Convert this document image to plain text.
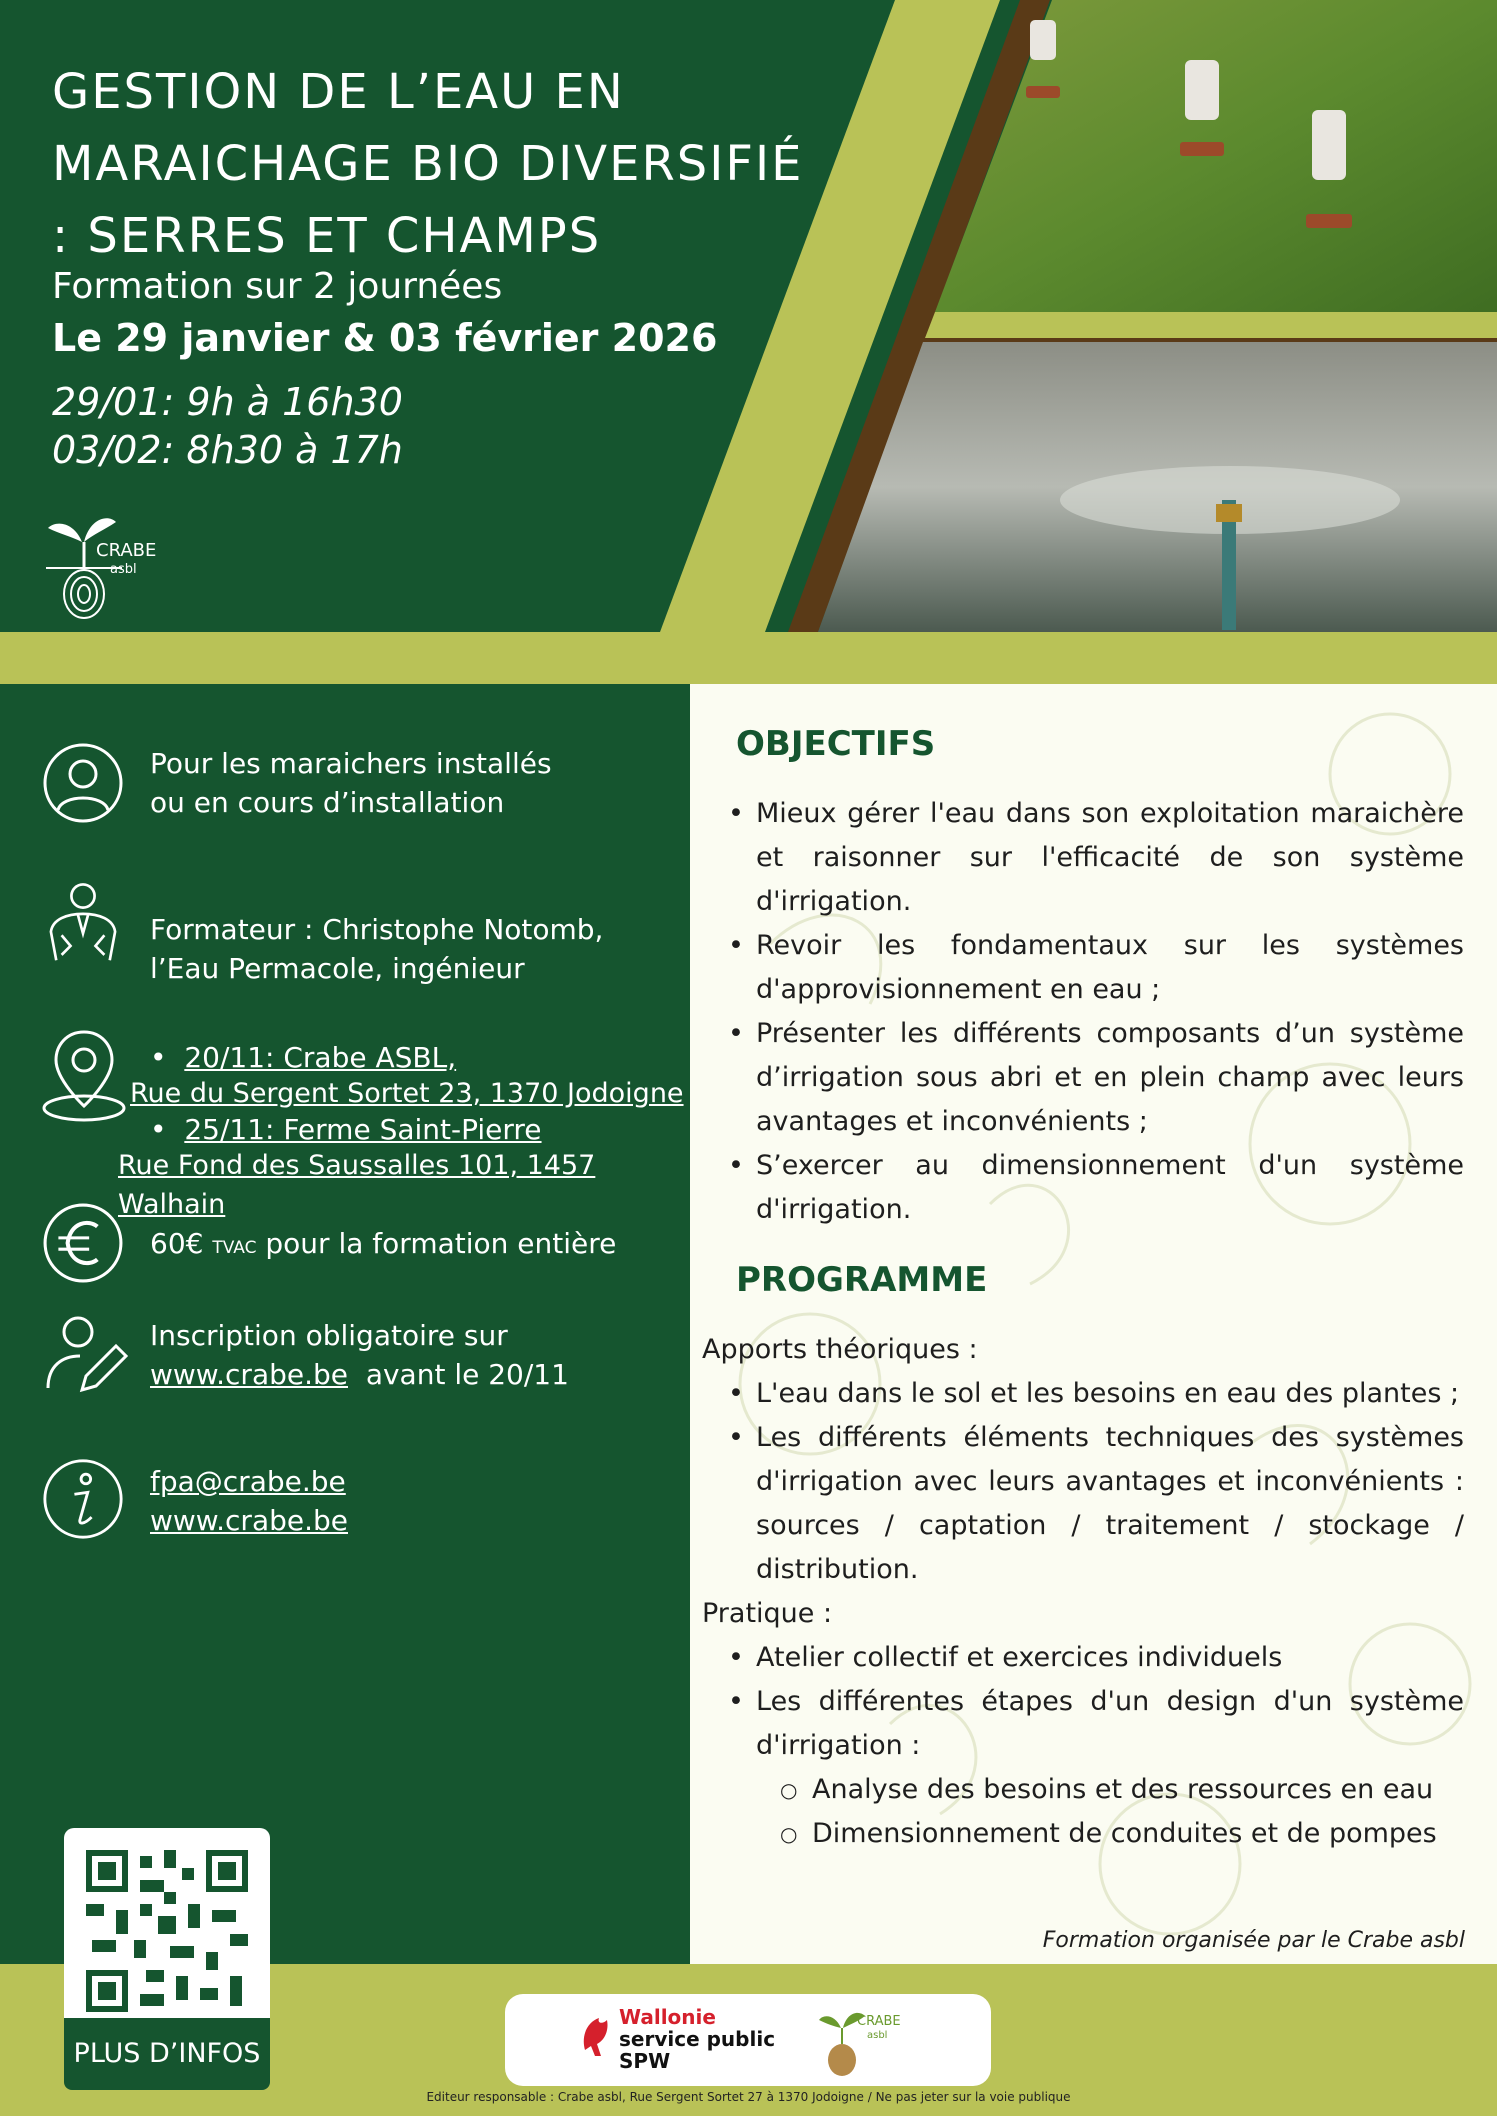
GESTION DE L’EAU EN
MARAICHAGE BIO DIVERSIFIÉ
: SERRES ET CHAMPS
Formation sur 2 journées
Le 29 janvier & 03 février 2026
29/01: 9h à 16h30
03/02: 8h30 à 17h
CRABE
asbl
Pour les maraichers installés
ou en cours d’installation
Formateur : Christophe Notomb,
l’Eau Permacole, ingénieur
•  20/11: Crabe ASBL,
Rue du Sergent Sortet 23, 1370 Jodoigne
•  25/11: Ferme Saint-Pierre
Rue Fond des Saussalles 101, 1457 Walhain
60€ TVAC pour la formation entière
Inscription obligatoire sur
www.crabe.be avant le 20/11
fpa@crabe.be
www.crabe.be
OBJECTIFS
• Mieux gérer l'eau dans son exploitation maraichère et raisonner sur l'efficacité de son système d'irrigation.
• Revoir les fondamentaux sur les systèmes d'approvisionnement en eau ;
• Présenter les différents composants d’un système d’irrigation sous abri et en plein champ avec leurs avantages et inconvénients ;
• S’exercer au dimensionnement d'un système d'irrigation.
PROGRAMME
Apports théoriques :
• L'eau dans le sol et les besoins en eau des plantes ;
• Les différents éléments techniques des systèmes d'irrigation avec leurs avantages et inconvénients : sources / captation / traitement / stockage / distribution.
Pratique :
• Atelier collectif et exercices individuels
• Les différentes étapes d'un design d'un système d'irrigation :
○ Analyse des besoins et des ressources en eau
○ Dimensionnement de conduites et de pompes
Formation organisée par le Crabe asbl
PLUS D’INFOS
Wallonie
service public
SPW
CRABE
asbl
Editeur responsable : Crabe asbl, Rue Sergent Sortet 27 à 1370 Jodoigne / Ne pas jeter sur la voie publique
